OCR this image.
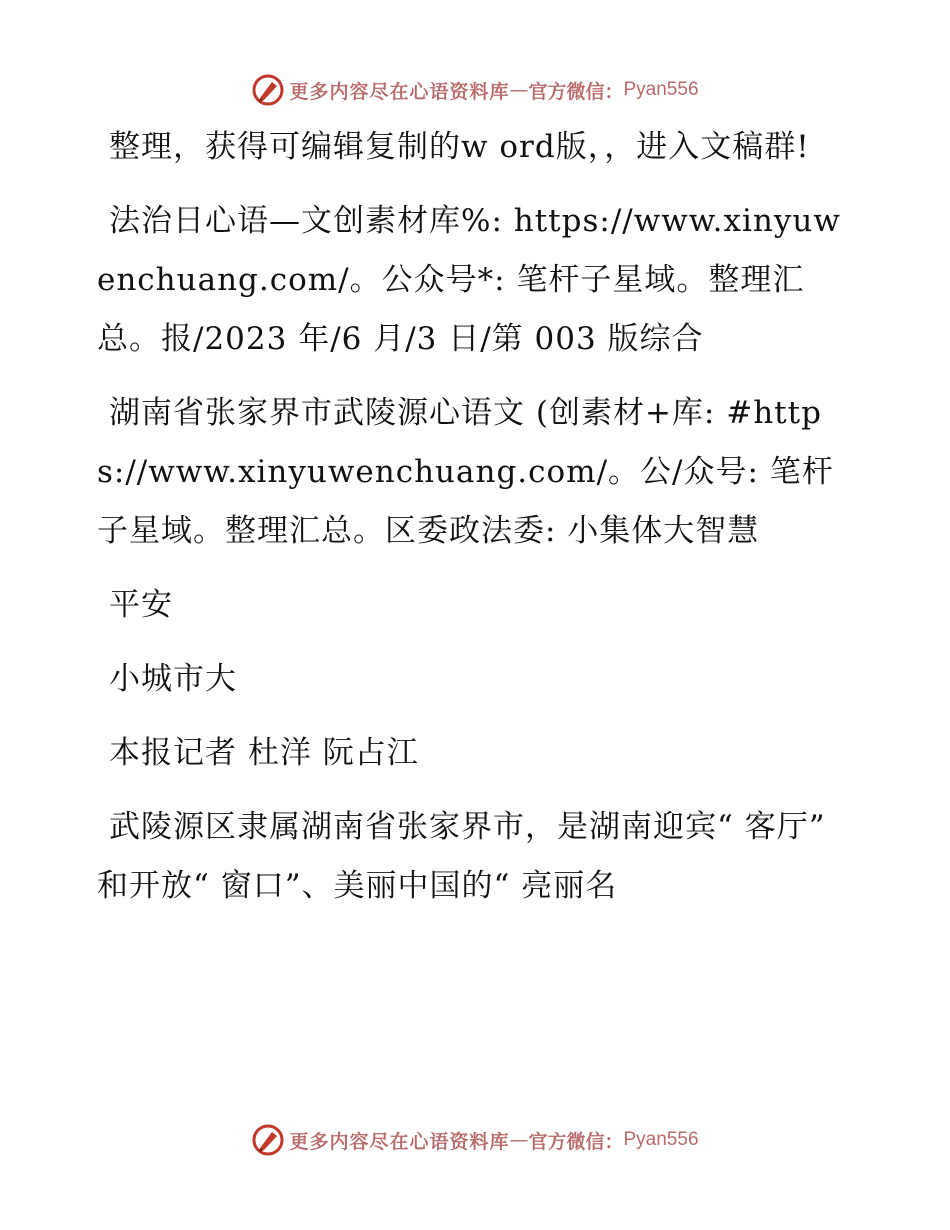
更多内容尽在心语资料库 — 官方微信： Pyan556

整理，获得可编辑复制的w ord版，，进入文稿群!

法治日心语—文创素材库%: https://www.xinyuwenchuang.com/。公众号*: 笔杆子星域。整理汇总。报/2023 年/6 月/3 日/第 003 版综合

湖南省张家界市武陵源心语文 (创素材+库: #https://www.xinyuwenchuang.com/。公/众号: 笔杆子星域。整理汇总。区委政法委: 小集体大智慧

平安

小城市大

本报记者 杜洋 阮占江

武陵源区隶属湖南省张家界市，是湖南迎宾“ 客厅” 和开放“ 窗口”、美丽中国的“ 亮丽名

更多内容尽在心语资料库 — 官方微信： Pyan556
